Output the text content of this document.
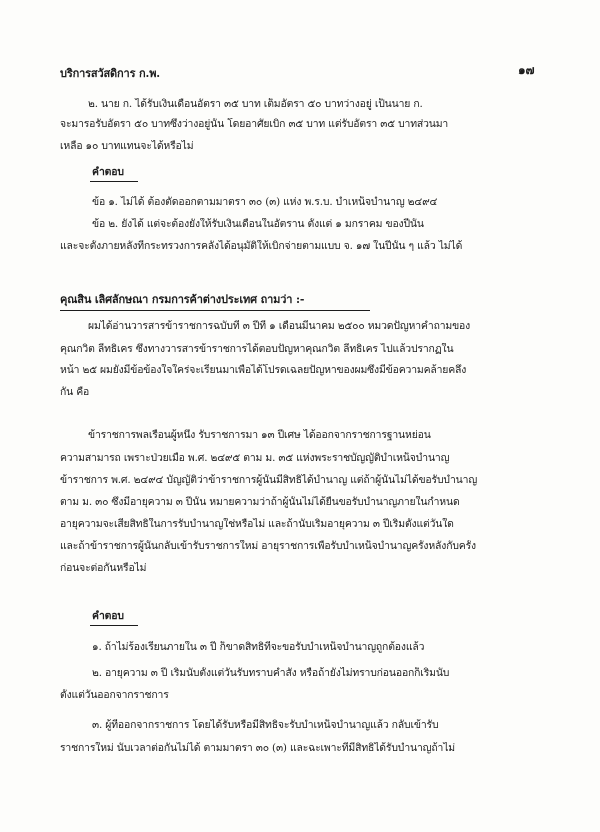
บริการสวัสดิการ ก.พ.	๑๗
๒. นาย ก. ได้รับเงินเดือนอัตรา ๓๕ บาท เต็มอัตรา ๕๐ บาทว่างอยู่ เป็นนาย ก.
จะมารอรับอัตรา ๕๐ บาทซึ่งว่างอยู่นั้น โดยอาศัยเบิก ๓๕ บาท แต่รับอัตรา ๓๕ บาทส่วนมา
เหลือ ๑๐ บาทแทนจะได้หรือไม่
คำตอบ
ข้อ ๑. ไม่ได้ ต้องตัดออกตามมาตรา ๓๐ (๓) แห่ง พ.ร.บ. บำเหน็จบำนาญ ๒๔๙๔
ข้อ ๒. ยังได้ แต่จะต้องยังให้รับเงินเดือนในอัตราน ตั้งแต่ ๑ มกราคม ของปีนั้น
และจะตั้งภายหลังที่กระทรวงการคลังได้อนุมัติให้เบิกจ่ายตามแบบ จ. ๑๗ ในปีนั้น ๆ แล้ว ไม่ได้
คุณสิน เลิศลักษณา กรมการค้าต่างประเทศ ถามว่า :-
ผมได้อ่านวารสารข้าราชการฉบับที่ ๓ ปีที่ ๑ เดือนมีนาคม ๒๕๐๐ หมวดปัญหาคำถามของ
คุณกวิต ลีทธิเคร ซึ่งทางวารสารข้าราชการได้ตอบปัญหาคุณกวิต ลีทธิเคร ไปแล้วปรากฏใน
หน้า ๒๕ ผมยังมีข้อข้องใจใคร่จะเรียนมาเพื่อได้โปรดเฉลยปัญหาของผมซึ่งมีข้อความคล้ายคลึง
กัน คือ
ข้าราชการพลเรือนผู้หนึ่ง รับราชการมา ๑๓ ปีเศษ ได้ออกจากราชการฐานหย่อน
ความสามารถ เพราะป่วยเมื่อ พ.ศ. ๒๔๙๕ ตาม ม. ๓๕ แห่งพระราชบัญญัติบำเหน็จบำนาญ
ข้าราชการ พ.ศ. ๒๔๙๔ บัญญัติว่าข้าราชการผู้นั้นมีสิทธิได้บำนาญ แต่ถ้าผู้นั้นไม่ได้ขอรับบำนาญ
ตาม ม. ๓๐ ซึ่งมีอายุความ ๓ ปีนั้น หมายความว่าถ้าผู้นั้นไม่ได้ยื่นขอรับบำนาญภายในกำหนด
อายุความจะเสียสิทธิในการรับบำนาญใช่หรือไม่ และถ้านับเริ่มอายุความ ๓ ปีเริ่มตั้งแต่วันใด
และถ้าข้าราชการผู้นั้นกลับเข้ารับราชการใหม่ อายุราชการเพื่อรับบำเหน็จบำนาญครั้งหลังกับครั้ง
ก่อนจะต่อกันหรือไม่
คำตอบ
๑. ถ้าไม่ร้องเรียนภายใน ๓ ปี ก็ขาดสิทธิที่จะขอรับบำเหน็จบำนาญถูกต้องแล้ว
๒. อายุความ ๓ ปี เริ่มนับตั้งแต่วันรับทราบคำสั่ง หรือถ้ายังไม่ทราบก่อนออกก็เริ่มนับ
ตั้งแต่วันออกจากราชการ
๓. ผู้ที่ออกจากราชการ โดยได้รับหรือมีสิทธิจะรับบำเหน็จบำนาญแล้ว กลับเข้ารับ
ราชการใหม่ นับเวลาต่อกันไม่ได้ ตามมาตรา ๓๐ (๓) และฉะเพาะที่มีสิทธิได้รับบำนาญถ้าไม่
